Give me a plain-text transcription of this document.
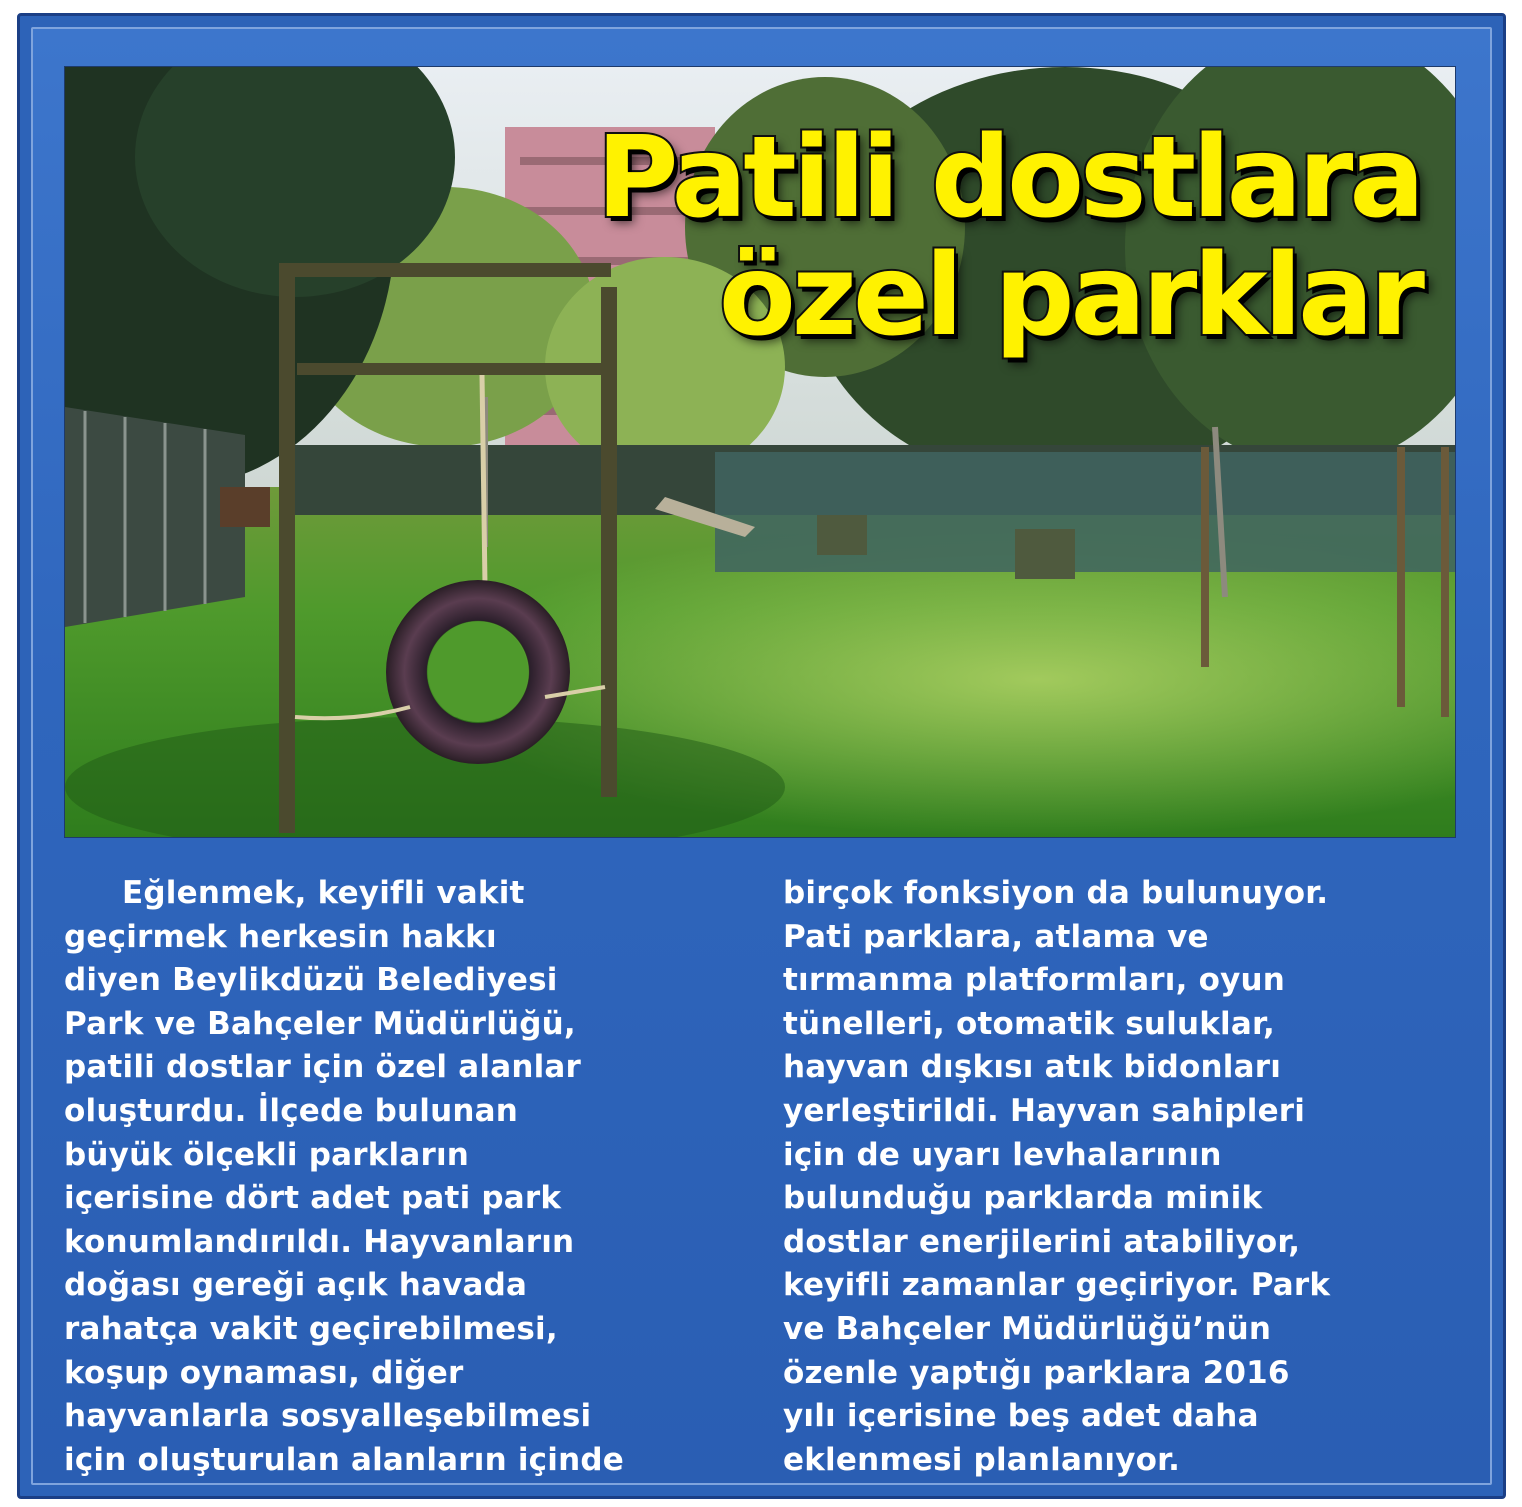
Patili dostlara
özel parklar
Eğlenmek, keyifli vakit
geçirmek herkesin hakkı
diyen Beylikdüzü Belediyesi
Park ve Bahçeler Müdürlüğü,
patili dostlar için özel alanlar
oluşturdu. İlçede bulunan
büyük ölçekli parkların
içerisine dört adet pati park
konumlandırıldı. Hayvanların
doğası gereği açık havada
rahatça vakit geçirebilmesi,
koşup oynaması, diğer
hayvanlarla sosyalleşebilmesi
için oluşturulan alanların içinde
birçok fonksiyon da bulunuyor.
Pati parklara, atlama ve
tırmanma platformları, oyun
tünelleri, otomatik suluklar,
hayvan dışkısı atık bidonları
yerleştirildi. Hayvan sahipleri
için de uyarı levhalarının
bulunduğu parklarda minik
dostlar enerjilerini atabiliyor,
keyifli zamanlar geçiriyor. Park
ve Bahçeler Müdürlüğü’nün
özenle yaptığı parklara 2016
yılı içerisine beş adet daha
eklenmesi planlanıyor.
